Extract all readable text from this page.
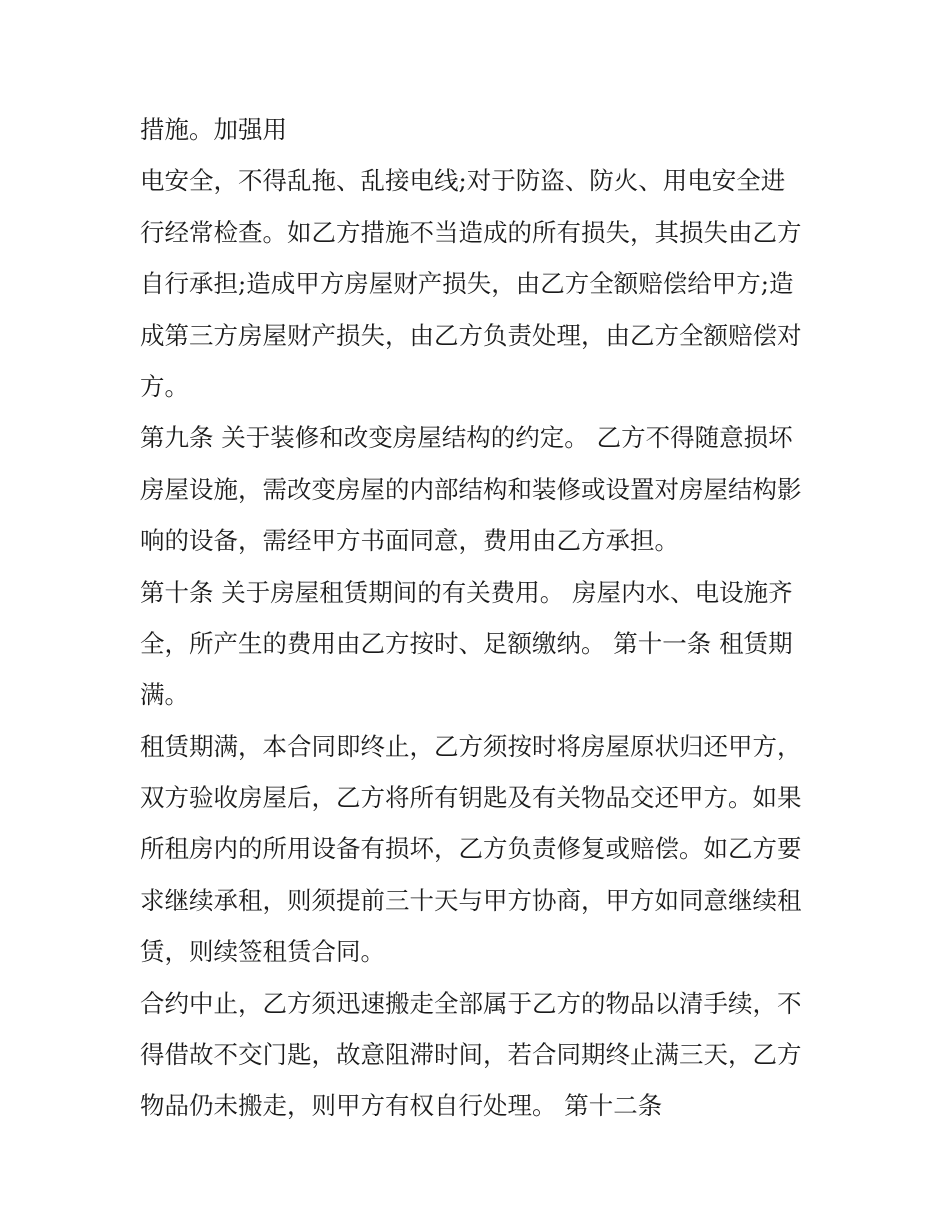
措施。加强用
电安全，不得乱拖、乱接电线;对于防盗、防火、用电安全进
行经常检查。如乙方措施不当造成的所有损失，其损失由乙方
自行承担;造成甲方房屋财产损失，由乙方全额赔偿给甲方;造
成第三方房屋财产损失，由乙方负责处理，由乙方全额赔偿对
方。
第九条 关于装修和改变房屋结构的约定。 乙方不得随意损坏
房屋设施，需改变房屋的内部结构和装修或设置对房屋结构影
响的设备，需经甲方书面同意，费用由乙方承担。
第十条 关于房屋租赁期间的有关费用。 房屋内水、电设施齐
全，所产生的费用由乙方按时、足额缴纳。 第十一条 租赁期
满。
租赁期满，本合同即终止，乙方须按时将房屋原状归还甲方，
双方验收房屋后，乙方将所有钥匙及有关物品交还甲方。如果
所租房内的所用设备有损坏，乙方负责修复或赔偿。如乙方要
求继续承租，则须提前三十天与甲方协商，甲方如同意继续租
赁，则续签租赁合同。
合约中止，乙方须迅速搬走全部属于乙方的物品以清手续，不
得借故不交门匙，故意阻滞时间，若合同期终止满三天，乙方
物品仍未搬走，则甲方有权自行处理。 第十二条
